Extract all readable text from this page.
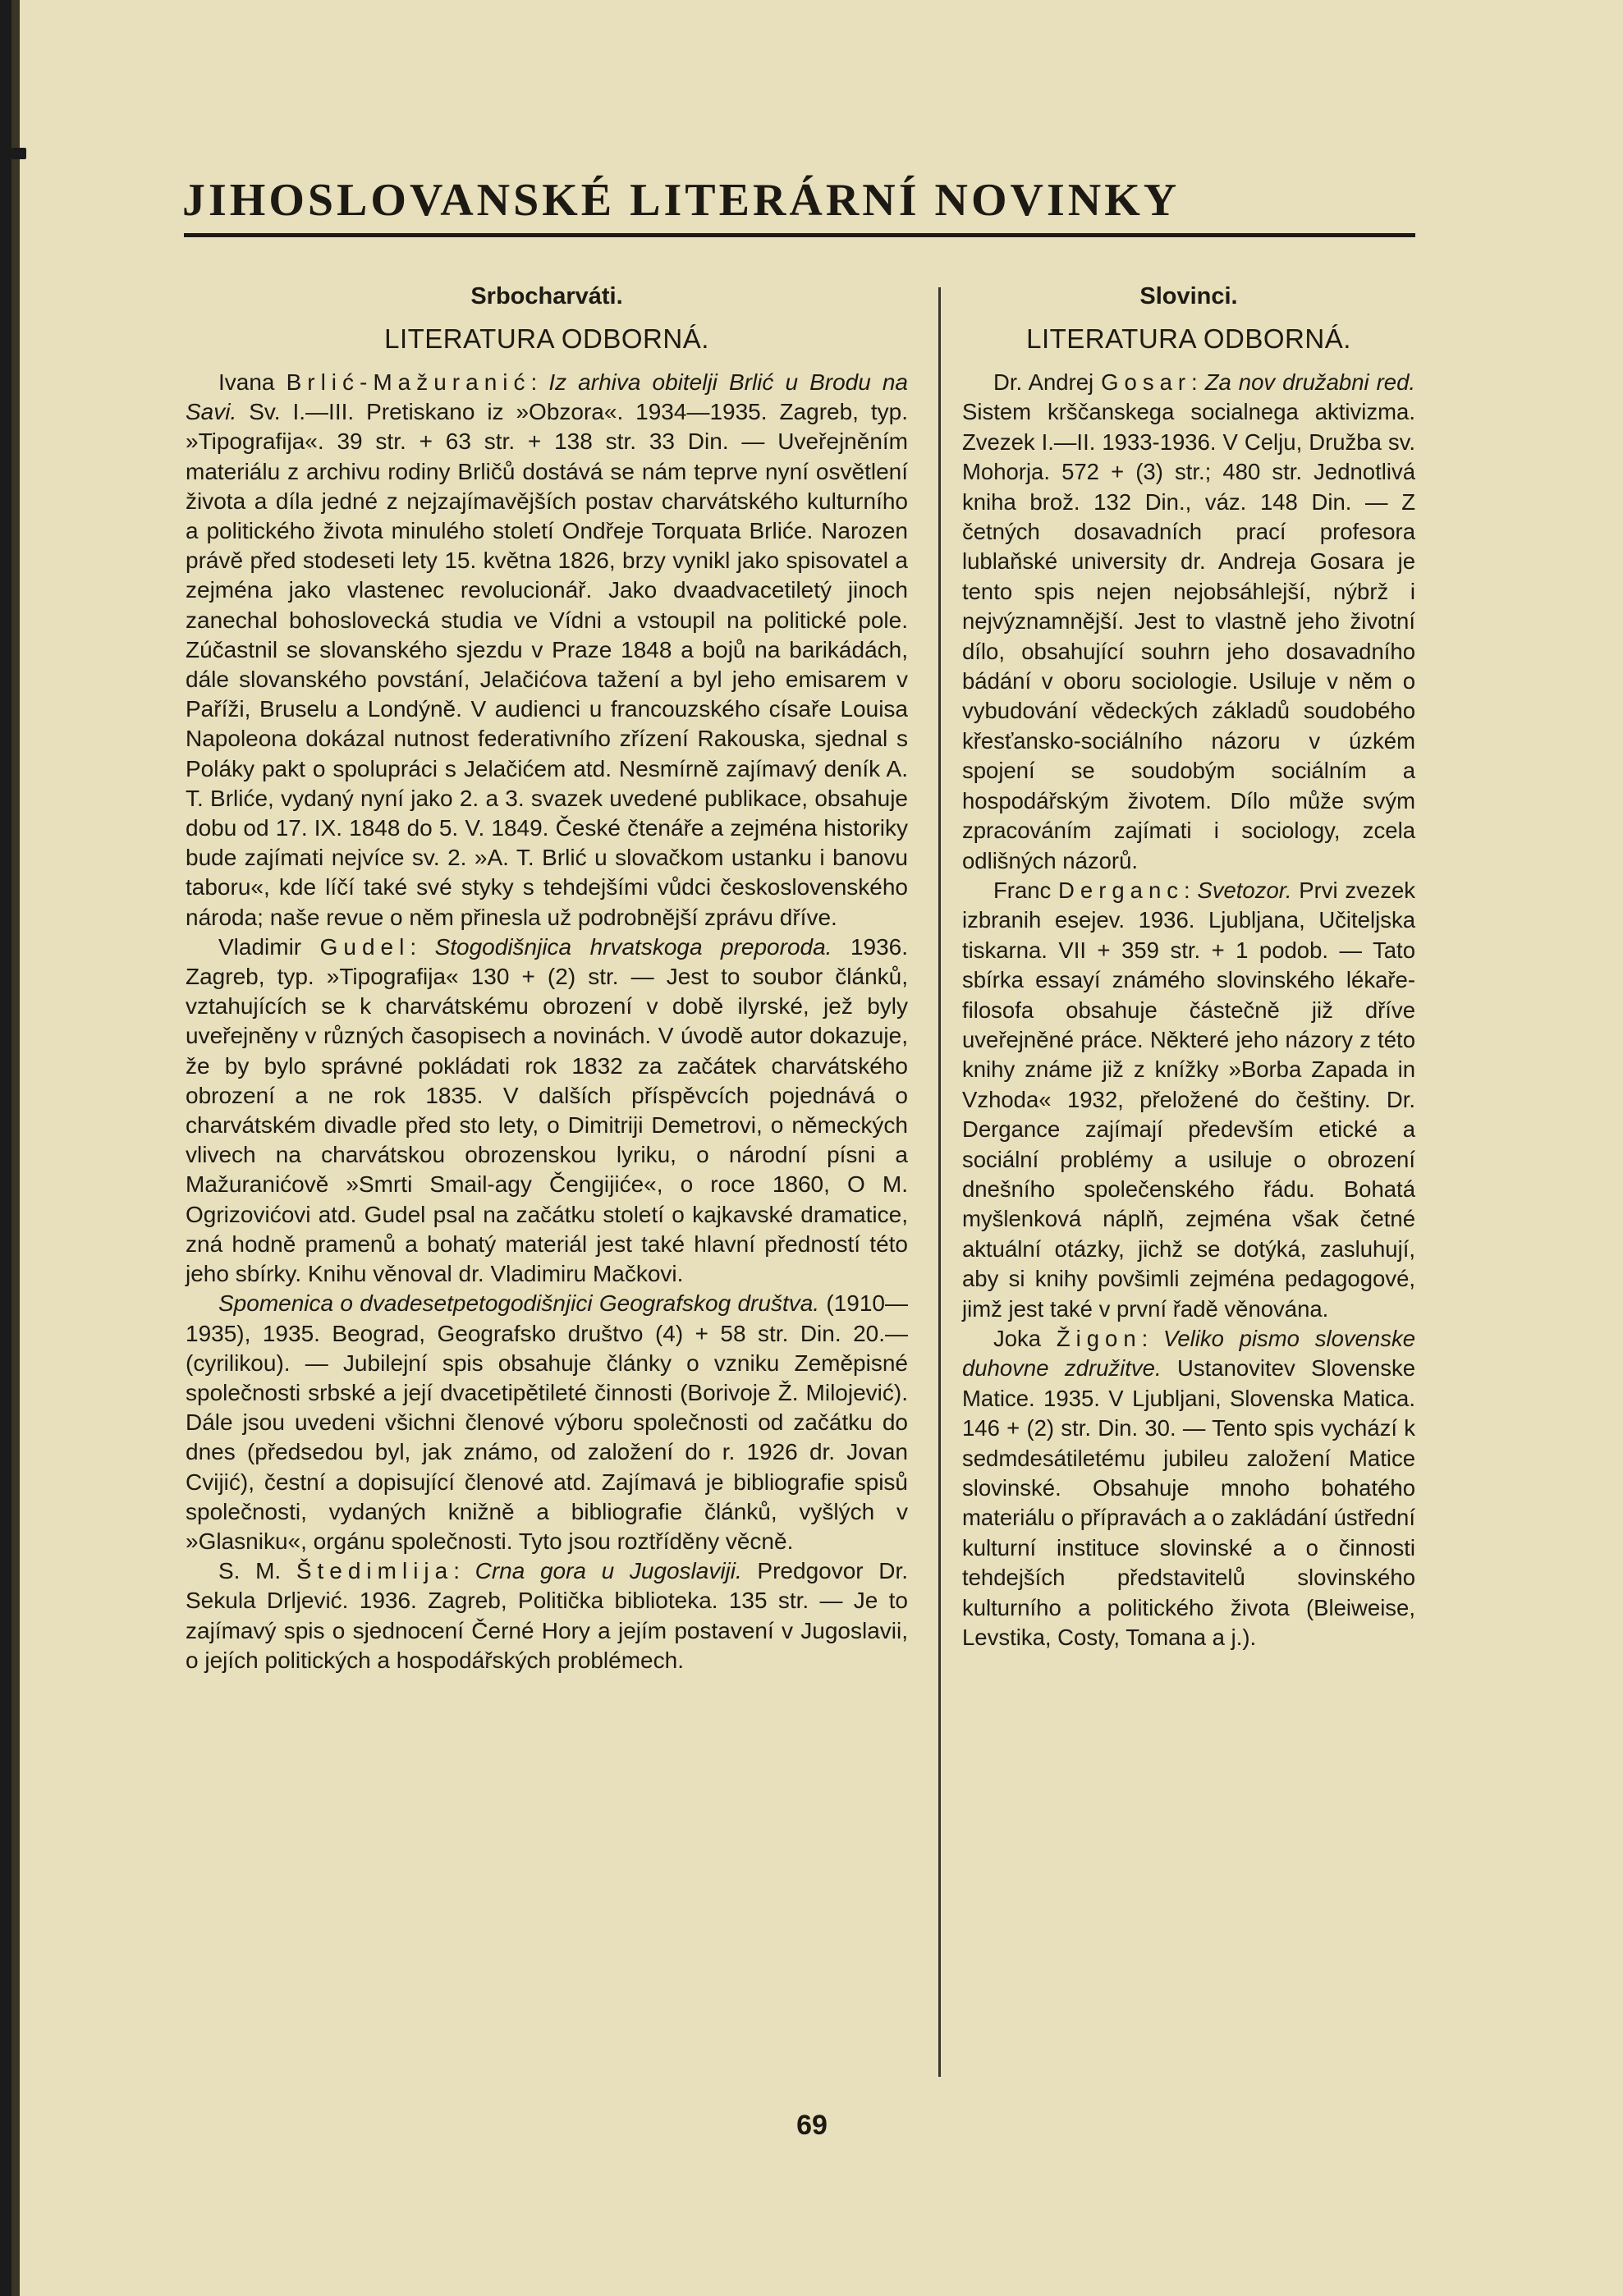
JIHOSLOVANSKÉ LITERÁRNÍ NOVINKY
Srbocharváti.
LITERATURA ODBORNÁ.

Ivana Brlić-Mažuranić: Iz arhiva obitelji Brlić u Brodu na Savi. Sv. I.—III. Pretiskano iz »Obzora«. 1934—1935. Zagreb, typ. »Tipografija«. 39 str. + 63 str. + 138 str. 33 Din. — Uveřejněním materiálu z archivu rodiny Brličů dostává se nám teprve nyní osvětlení života a díla jedné z nejzajímavějších postav charvátského kulturního a politického života minulého století Ondřeje Torquata Brliće. Narozen právě před stodeseti lety 15. května 1826, brzy vynikl jako spisovatel a zejména jako vlastenec revolucionář. Jako dvaadvacetiletý jinoch zanechal bohoslovecká studia ve Vídni a vstoupil na politické pole. Zúčastnil se slovanského sjezdu v Praze 1848 a bojů na barikádách, dále slovanského povstání, Jelačićova tažení a byl jeho emisarem v Paříži, Bruselu a Londýně. V audienci u francouzského císaře Louisa Napoleona dokázal nutnost federativního zřízení Rakouska, sjednal s Poláky pakt o spolupráci s Jelačićem atd. Nesmírně zajímavý deník A. T. Brliće, vydaný nyní jako 2. a 3. svazek uvedené publikace, obsahuje dobu od 17. IX. 1848 do 5. V. 1849. České čtenáře a zejména historiky bude zajímati nejvíce sv. 2. »A. T. Brlić u slovačkom ustanku i banovu taboru«, kde líčí také své styky s tehdejšími vůdci československého národa; naše revue o něm přinesla už podrobnější zprávu dříve.

Vladimir Gudel: Stogodišnjica hrvatskoga preporoda. 1936. Zagreb, typ. »Tipografija« 130 + (2) str. — Jest to soubor článků, vztahujících se k charvátskému obrození v době ilyrské, jež byly uveřejněny v různých časopisech a novinách. V úvodě autor dokazuje, že by bylo správné pokládati rok 1832 za začátek charvátského obrození a ne rok 1835. V dalších příspěvcích pojednává o charvátském divadle před sto lety, o Dimitriji Demetrovi, o německých vlivech na charvátskou obrozenskou lyriku, o národní písni a Mažuranićově »Smrti Smail-agy Čengijiće«, o roce 1860, O M. Ogrizovićovi atd. Gudel psal na začátku století o kajkavské dramatice, zná hodně pramenů a bohatý materiál jest také hlavní předností této jeho sbírky. Knihu věnoval dr. Vladimiru Mačkovi.

Spomenica o dvadesetpetogodišnjici Geografskog društva. (1910—1935), 1935. Beograd, Geografsko društvo (4) + 58 str. Din. 20.— (cyrilikou). — Jubilejní spis obsahuje články o vzniku Zeměpisné společnosti srbské a její dvacetipětileté činnosti (Borivoje Ž. Milojević). Dále jsou uvedeni všichni členové výboru společnosti od začátku do dnes (předsedou byl, jak známo, od založení do r. 1926 dr. Jovan Cvijić), čestní a dopisující členové atd. Zajímavá je bibliografie spisů společnosti, vydaných knižně a bibliografie článků, vyšlých v »Glasniku«, orgánu společnosti. Tyto jsou roztříděny věcně.

S. M. Štedimlija: Crna gora u Jugoslaviji. Predgovor Dr. Sekula Drljević. 1936. Zagreb, Politička biblioteka. 135 str. — Je to zajímavý spis o sjednocení Černé Hory a jejím postavení v Jugoslavii, o jejích politických a hospodářských problémech.

Slovinci.
LITERATURA ODBORNÁ.

Dr. Andrej Gosar: Za nov družabni red. Sistem krščanskega socialnega aktivizma. Zvezek I.—II. 1933-1936. V Celju, Družba sv. Mohorja. 572 + (3) str.; 480 str. Jednotlivá kniha brož. 132 Din., váz. 148 Din. — Z četných dosavadních prací profesora lublaňské university dr. Andreja Gosara je tento spis nejen nejobsáhlejší, nýbrž i nejvýznamnější. Jest to vlastně jeho životní dílo, obsahující souhrn jeho dosavadního bádání v oboru sociologie. Usiluje v něm o vybudování vědeckých základů soudobého křesťansko-sociálního názoru v úzkém spojení se soudobým sociálním a hospodářským životem. Dílo může svým zpracováním zajímati i sociology, zcela odlišných názorů.

Franc Derganc: Svetozor. Prvi zvezek izbranih esejev. 1936. Ljubljana, Učiteljska tiskarna. VII + 359 str. + 1 podob. — Tato sbírka essayí známého slovinského lékaře-filosofa obsahuje částečně již dříve uveřejněné práce. Některé jeho názory z této knihy známe již z knížky »Borba Zapada in Vzhoda« 1932, přeložené do češtiny. Dr. Dergance zajímají především etické a sociální problémy a usiluje o obrození dnešního společenského řádu. Bohatá myšlenková náplň, zejména však četné aktuální otázky, jichž se dotýká, zasluhují, aby si knihy povšimli zejména pedagogové, jimž jest také v první řadě věnována.

Joka Žigon: Veliko pismo slovenske duhovne združitve. Ustanovitev Slovenske Matice. 1935. V Ljubljani, Slovenska Matica. 146 + (2) str. Din. 30. — Tento spis vychází k sedmdesátiletému jubileu založení Matice slovinské. Obsahuje mnoho bohatého materiálu o přípravách a o zakládání ústřední kulturní instituce slovinské a o činnosti tehdejších představitelů slovinského kulturního a politického života (Bleiweise, Levstika, Costy, Tomana a j.).

69
